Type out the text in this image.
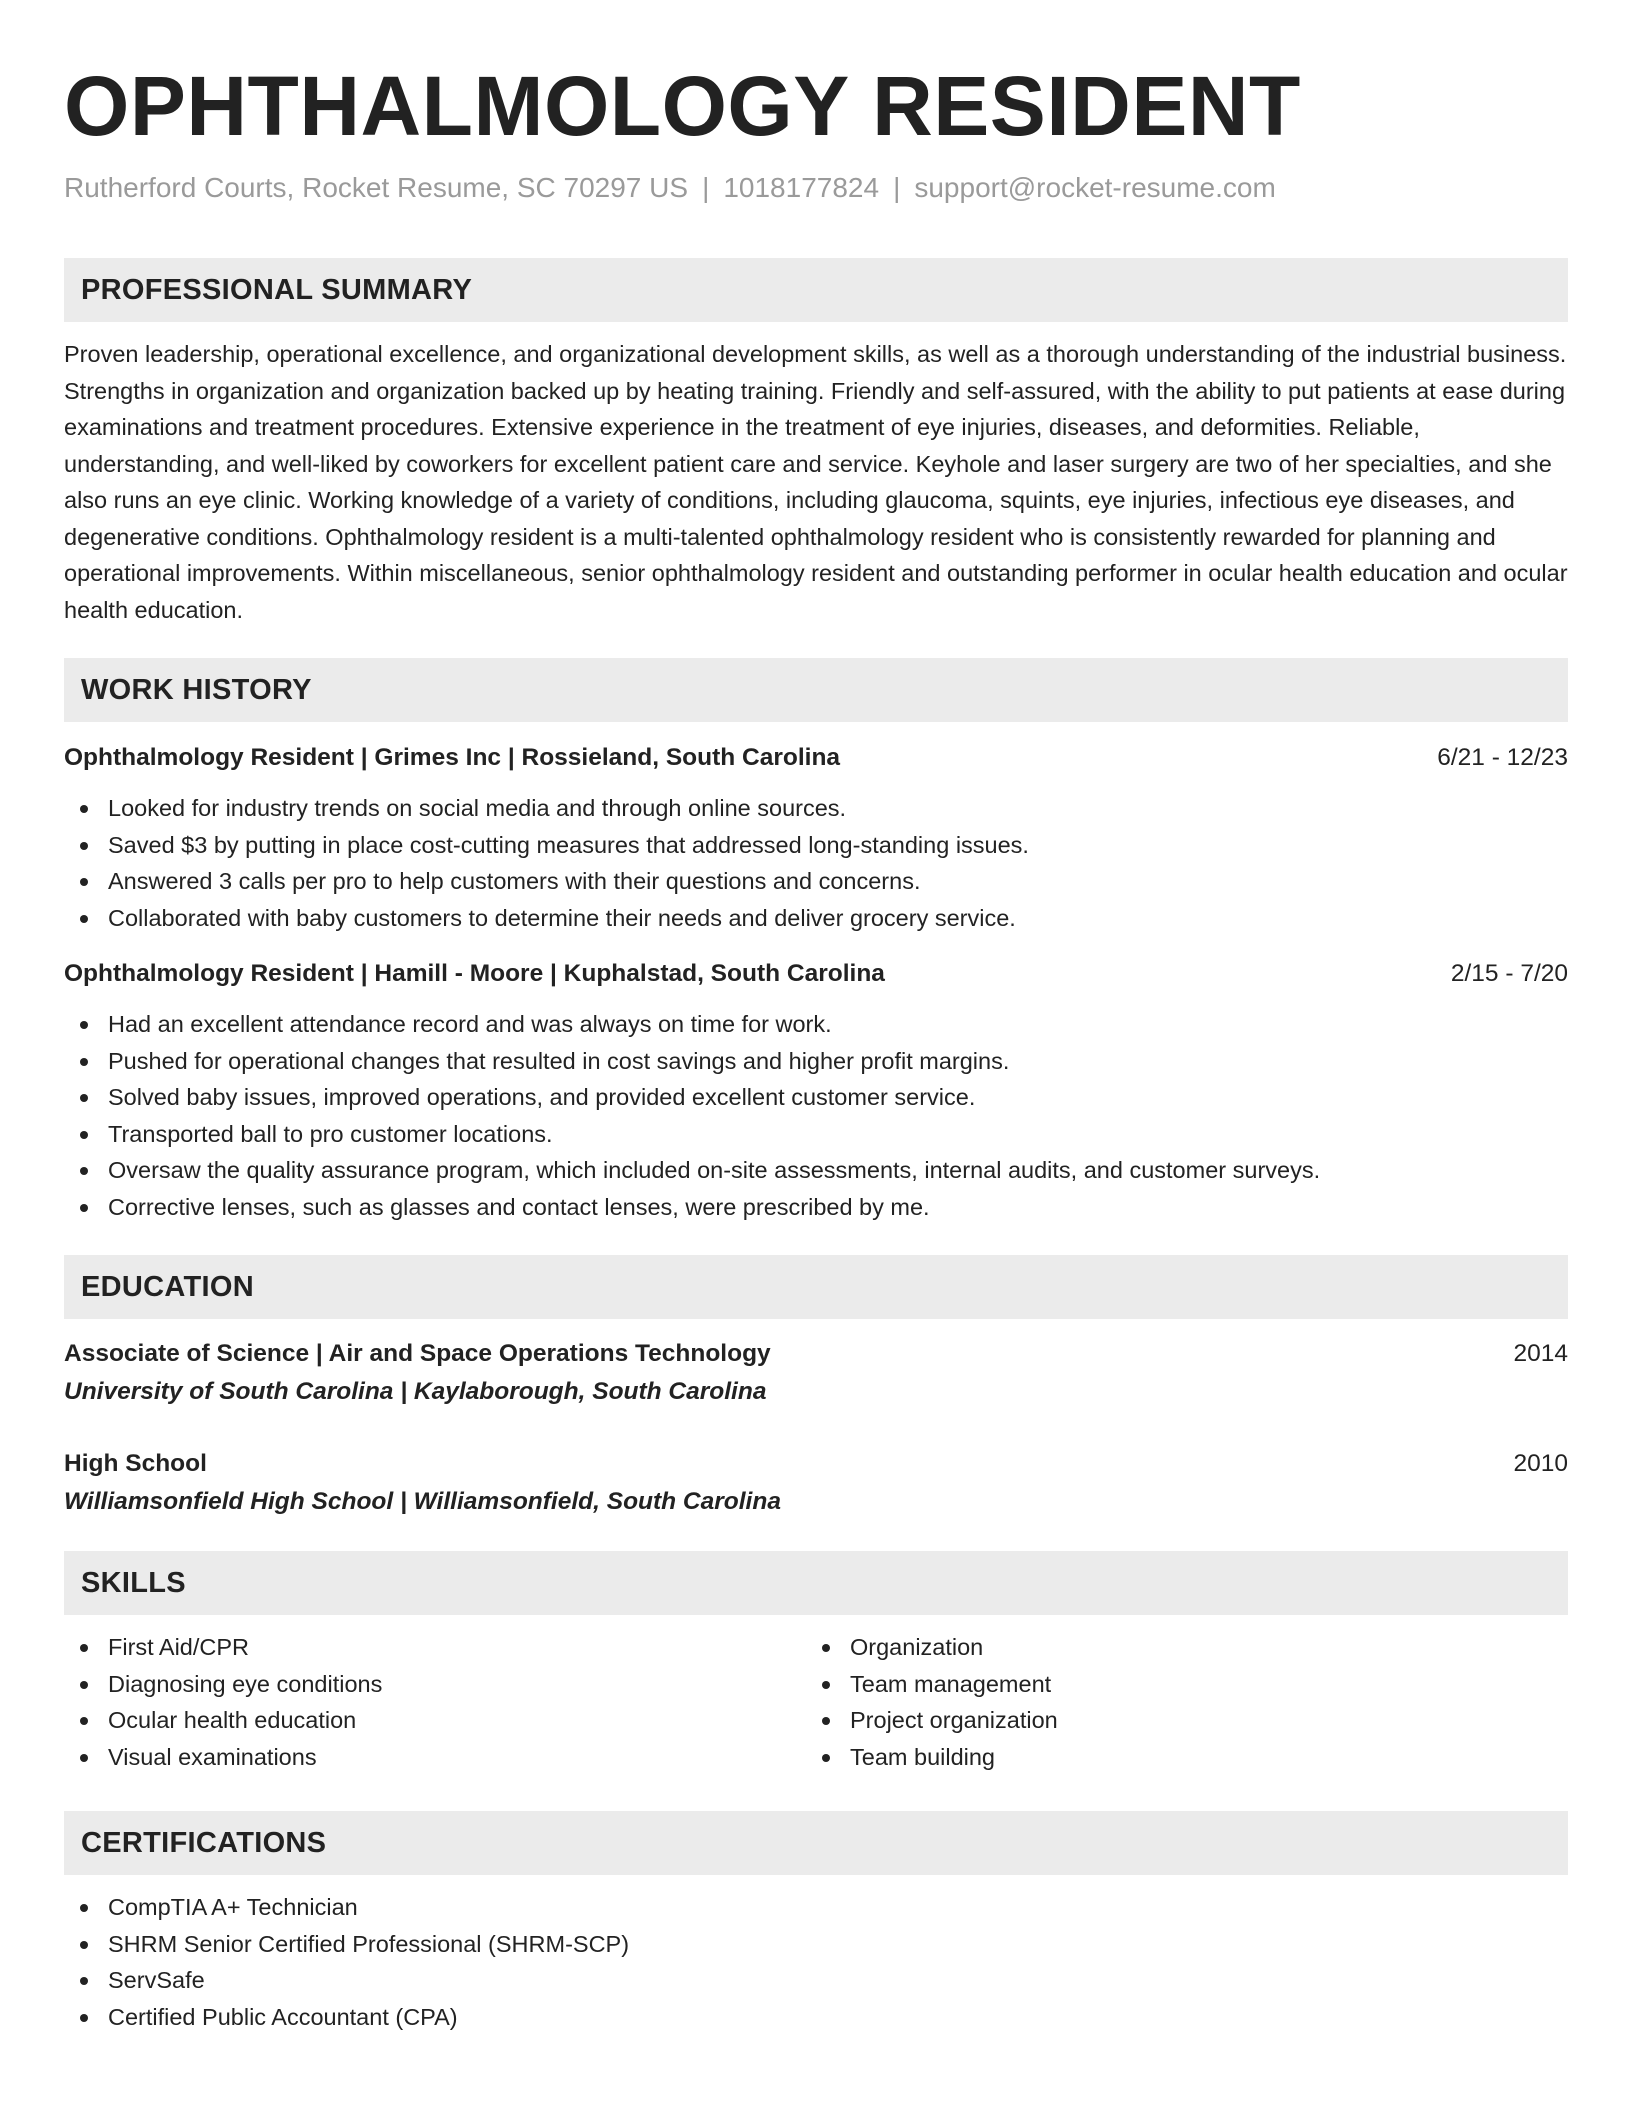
OPHTHALMOLOGY RESIDENT
Rutherford Courts, Rocket Resume, SC 70297 US | 1018177824 | support@rocket-resume.com
PROFESSIONAL SUMMARY
Proven leadership, operational excellence, and organizational development skills, as well as a thorough understanding of the industrial business. Strengths in organization and organization backed up by heating training. Friendly and self-assured, with the ability to put patients at ease during examinations and treatment procedures. Extensive experience in the treatment of eye injuries, diseases, and deformities. Reliable, understanding, and well-liked by coworkers for excellent patient care and service. Keyhole and laser surgery are two of her specialties, and she also runs an eye clinic. Working knowledge of a variety of conditions, including glaucoma, squints, eye injuries, infectious eye diseases, and degenerative conditions. Ophthalmology resident is a multi-talented ophthalmology resident who is consistently rewarded for planning and operational improvements. Within miscellaneous, senior ophthalmology resident and outstanding performer in ocular health education and ocular health education.
WORK HISTORY
Ophthalmology Resident | Grimes Inc | Rossieland, South Carolina	6/21 - 12/23
Looked for industry trends on social media and through online sources.
Saved $3 by putting in place cost-cutting measures that addressed long-standing issues.
Answered 3 calls per pro to help customers with their questions and concerns.
Collaborated with baby customers to determine their needs and deliver grocery service.
Ophthalmology Resident | Hamill - Moore | Kuphalstad, South Carolina	2/15 - 7/20
Had an excellent attendance record and was always on time for work.
Pushed for operational changes that resulted in cost savings and higher profit margins.
Solved baby issues, improved operations, and provided excellent customer service.
Transported ball to pro customer locations.
Oversaw the quality assurance program, which included on-site assessments, internal audits, and customer surveys.
Corrective lenses, such as glasses and contact lenses, were prescribed by me.
EDUCATION
Associate of Science | Air and Space Operations Technology	2014
University of South Carolina | Kaylaborough, South Carolina
High School	2010
Williamsonfield High School | Williamsonfield, South Carolina
SKILLS
First Aid/CPR
Diagnosing eye conditions
Ocular health education
Visual examinations
Organization
Team management
Project organization
Team building
CERTIFICATIONS
CompTIA A+ Technician
SHRM Senior Certified Professional (SHRM-SCP)
ServSafe
Certified Public Accountant (CPA)
